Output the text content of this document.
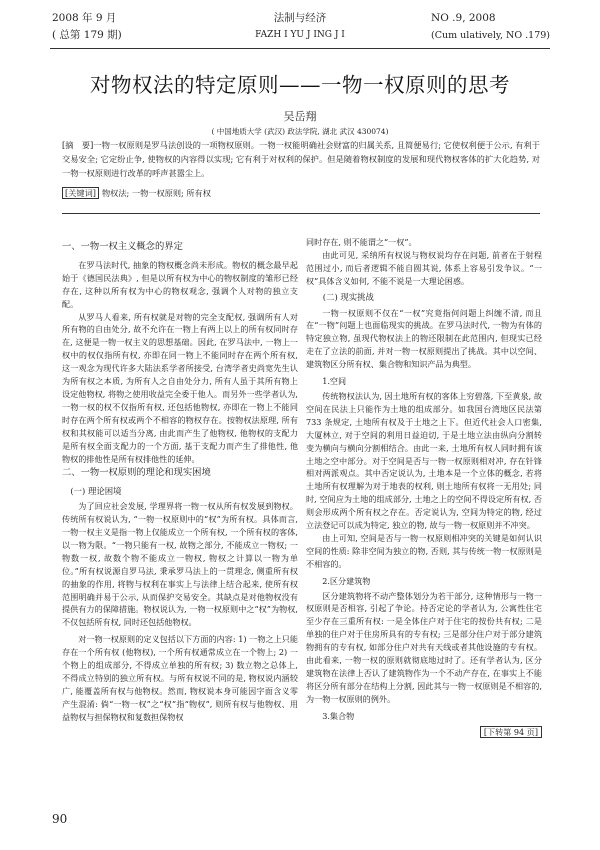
2008 年 9 月
( 总第 179 期)
法制与经济
FAZH I YU J ING J I
NO .9, 2008
(Cum ulatively, NO .179)
对物权法的特定原则——一物一权原则的思考
吴岳翔
( 中国地质大学 (武汉) 政法学院, 湖北 武汉 430074)
[摘　要]一物一权原则是罗马法创设的一项物权原则。一物一权能明确社会财富的归属关系, 且简便易行; 它使权利便于公示, 有利于交易安全; 它定纷止争, 使物权的内容得以实现; 它有利于对权利的保护。但是随着物权制度的发展和现代物权客体的扩大化趋势, 对一物一权原则进行改革的呼声甚嚣尘上。
[关键词] 物权法; 一物一权原则; 所有权
一、一物一权主义概念的界定

在罗马法时代, 抽象的物权概念尚未形成。物权的概念最早起始于《德国民法典》, 但是以所有权为中心的物权制度的雏形已经存在, 这种以所有权为中心的物权观念, 强调个人对物的独立支配。

从罗马人看来, 所有权就是对物的完全支配权, 强调所有人对所有物的自由处分, 故不允许在一物上有两上以上的所有权同时存在, 这便是一物一权主义的思想基础。因此, 在罗马法中, 一物上一权中的权仅指所有权, 亦即在同一物上不能同时存在两个所有权, 这一观念为现代许多大陆法系学者所接受, 台湾学者史尚宽先生认为所有权之本质, 为所有人之自由处分力, 所有人虽于其所有物上设定他物权, 将物之使用收益完全委于他人。而另外一些学者认为, 一物一权的权不仅指所有权, 还包括他物权, 亦即在一物上不能同时存在两个所有权或两个不相容的物权存在。按物权法原理, 所有权和其权能可以适当分离, 由此而产生了他物权, 他物权的支配力是所有权全面支配力的一个方面, 基于支配力而产生了排他性, 他物权的排他性是所有权排他性的延伸。

二、一物一权原则的理论和现实困境
(一) 理论困境

为了回应社会发展, 学理界将一物一权从所有权发展到物权。传统所有权说认为, “一物一权原则中的“权”为所有权。具体而言, 一物一权主义是指一物上仅能成立一个所有权, 一个所有权的客体, 以一物为限。“一物只能有一权, 故物之部分, 不能成立一物权; 一物数一权, 故数个物不能成立一物权, 物权之计算以一物为单位。”所有权说源自罗马法, 秉承罗马法上的一贯理念, 侧重所有权的抽象的作用, 将物与权利在事实上与法律上结合起来, 使所有权范围明确并易于公示, 从而保护交易安全。其缺点是对他物权没有提供有力的保障措施。物权说认为, 一物一权原则中之“权”为物权, 不仅包括所有权, 同时还包括他物权。

对一物一权原则的定义包括以下方面的内容: 1) 一物之上只能存在一个所有权 (他物权), 一个所有权通常成立在一个物上; 2) 一个物上的组成部分, 不得成立单独的所有权; 3) 数立物之总体上, 不得成立特别的独立所有权。与所有权说不同的是, 物权说内涵较广, 能覆盖所有权与他物权。然而, 物权说本身可能因字面含义零产生混淆: 倘“一物一权”之“权”指“物权”, 则所有权与他物权、用益物权与担保物权和复数担保物权

同时存在, 则不能谓之“一权”。

由此可见, 采纳所有权说与物权说均存在问题, 前者在于射程范围过小, 而后者逻辑不能自圆其说, 体系上容易引发争议。“一权”具体含义如何, 不能不说是一大理论困惑。

(二) 现实挑战

一物一权原则不仅在“一权”究竟指何问题上纠缠不清, 而且在“一物”问题上也面临现实的挑战。在罗马法时代, 一物为有体的特定独立物, 虽现代物权法上的物还限制在此范围内, 但现实已经走在了立法的前面, 并对一物一权原则提出了挑战。其中以空间、建筑物区分所有权、集合物和知识产品为典型。

1.空间

传统物权法认为, 因土地所有权的客体上穷碧落, 下至黄泉, 故空间在民法上只能作为土地的组成部分。如我国台湾地区民法第 733 条规定, 土地所有权及于土地之上下。但近代社会人口密集, 大厦林立, 对于空间的利用日益迫切, 于是土地立法由纵向分割转变为横向与横向分割相结合。由此一来, 土地所有权人同时拥有该土地之空中部分。对于空间是否与一物一权原则相对冲, 存在针锋相对两派观点。其中否定说认为, 土地本是一个立体的概念, 若将土地所有权理解为对于地表的权利, 则土地所有权将一无用处; 同时, 空间应为土地的组成部分, 土地之上的空间不得设定所有权, 否则会形成两个所有权之存在。否定说认为, 空间为特定的物, 经过立法登记可以成为特定, 独立的物, 故与一物一权原则并不冲突。

由上可知, 空间是否与一物一权原则相冲突的关键是如何认识空间的性质: 除非空间为独立的物, 否则, 其与传统一物一权原则是不相容的。

2.区分建筑物

区分建筑物将不动产整体划分为若干部分, 这种情形与一物一权原则是否相容, 引起了争论。持否定论的学者认为, 公寓性住宅至少存在三重所有权: 一是全体住户对于住宅的按份共有权; 二是单独的住户对于住房所具有的专有权; 三是部分住户对于部分建筑物拥有的专有权, 如部分住户对共有天线或者其他设施的专有权。由此看来, 一物一权的原则就彻底地过时了。还有学者认为, 区分建筑物在法律上否认了建筑物作为一个不动产存在, 在事实上不能将区分所有部分在结构上分割, 因此其与一物一权原则是不相容的, 为一物一权原则的例外。

3.集合物
[下转第 94 页]
90
